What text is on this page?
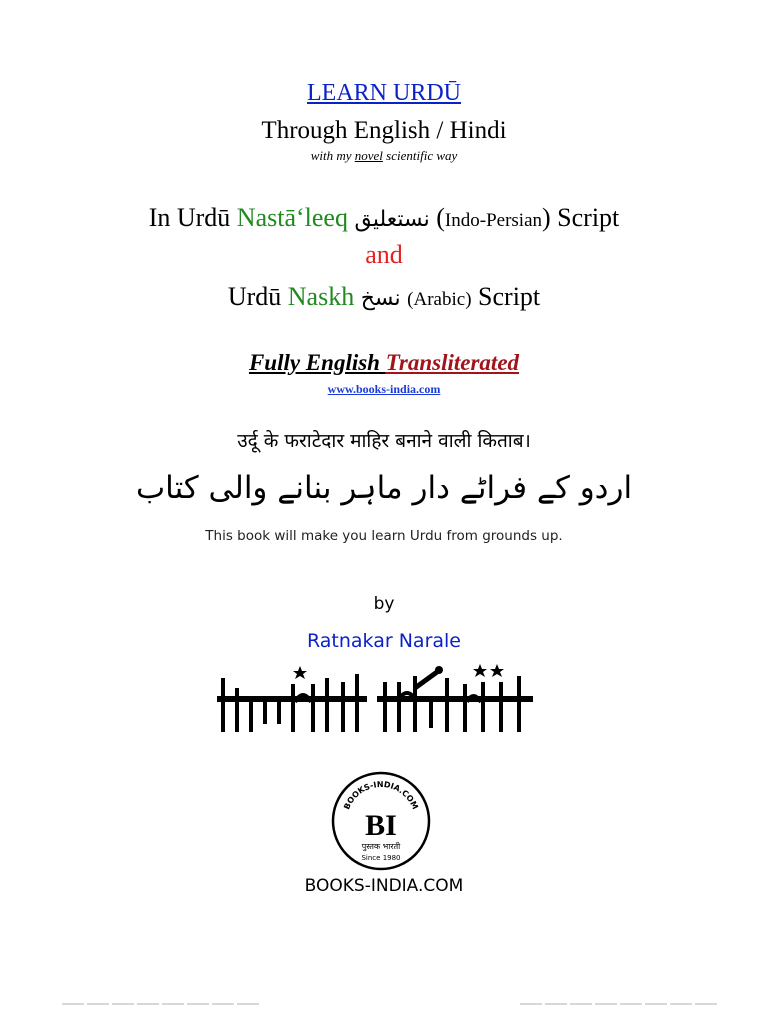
LEARN URDŪ
Through English / Hindi
with my novel scientific way
In Urdū Nastā‘leeq نستعلیق (Indo-Persian) Script
and
Urdū Naskh نسخ (Arabic) Script
Fully English Transliterated
www.books-india.com
उर्दू के फराटेदार माहिर बनाने वाली किताब।
اردو کے فراٹے دار ماہر بنانے والی کتاب
This book will make you learn Urdu from grounds up.
by
Ratnakar Narale
BOOKS-INDIA.COM
BI
पुस्तक भारती
Since 1980
BOOKS-INDIA.COM
